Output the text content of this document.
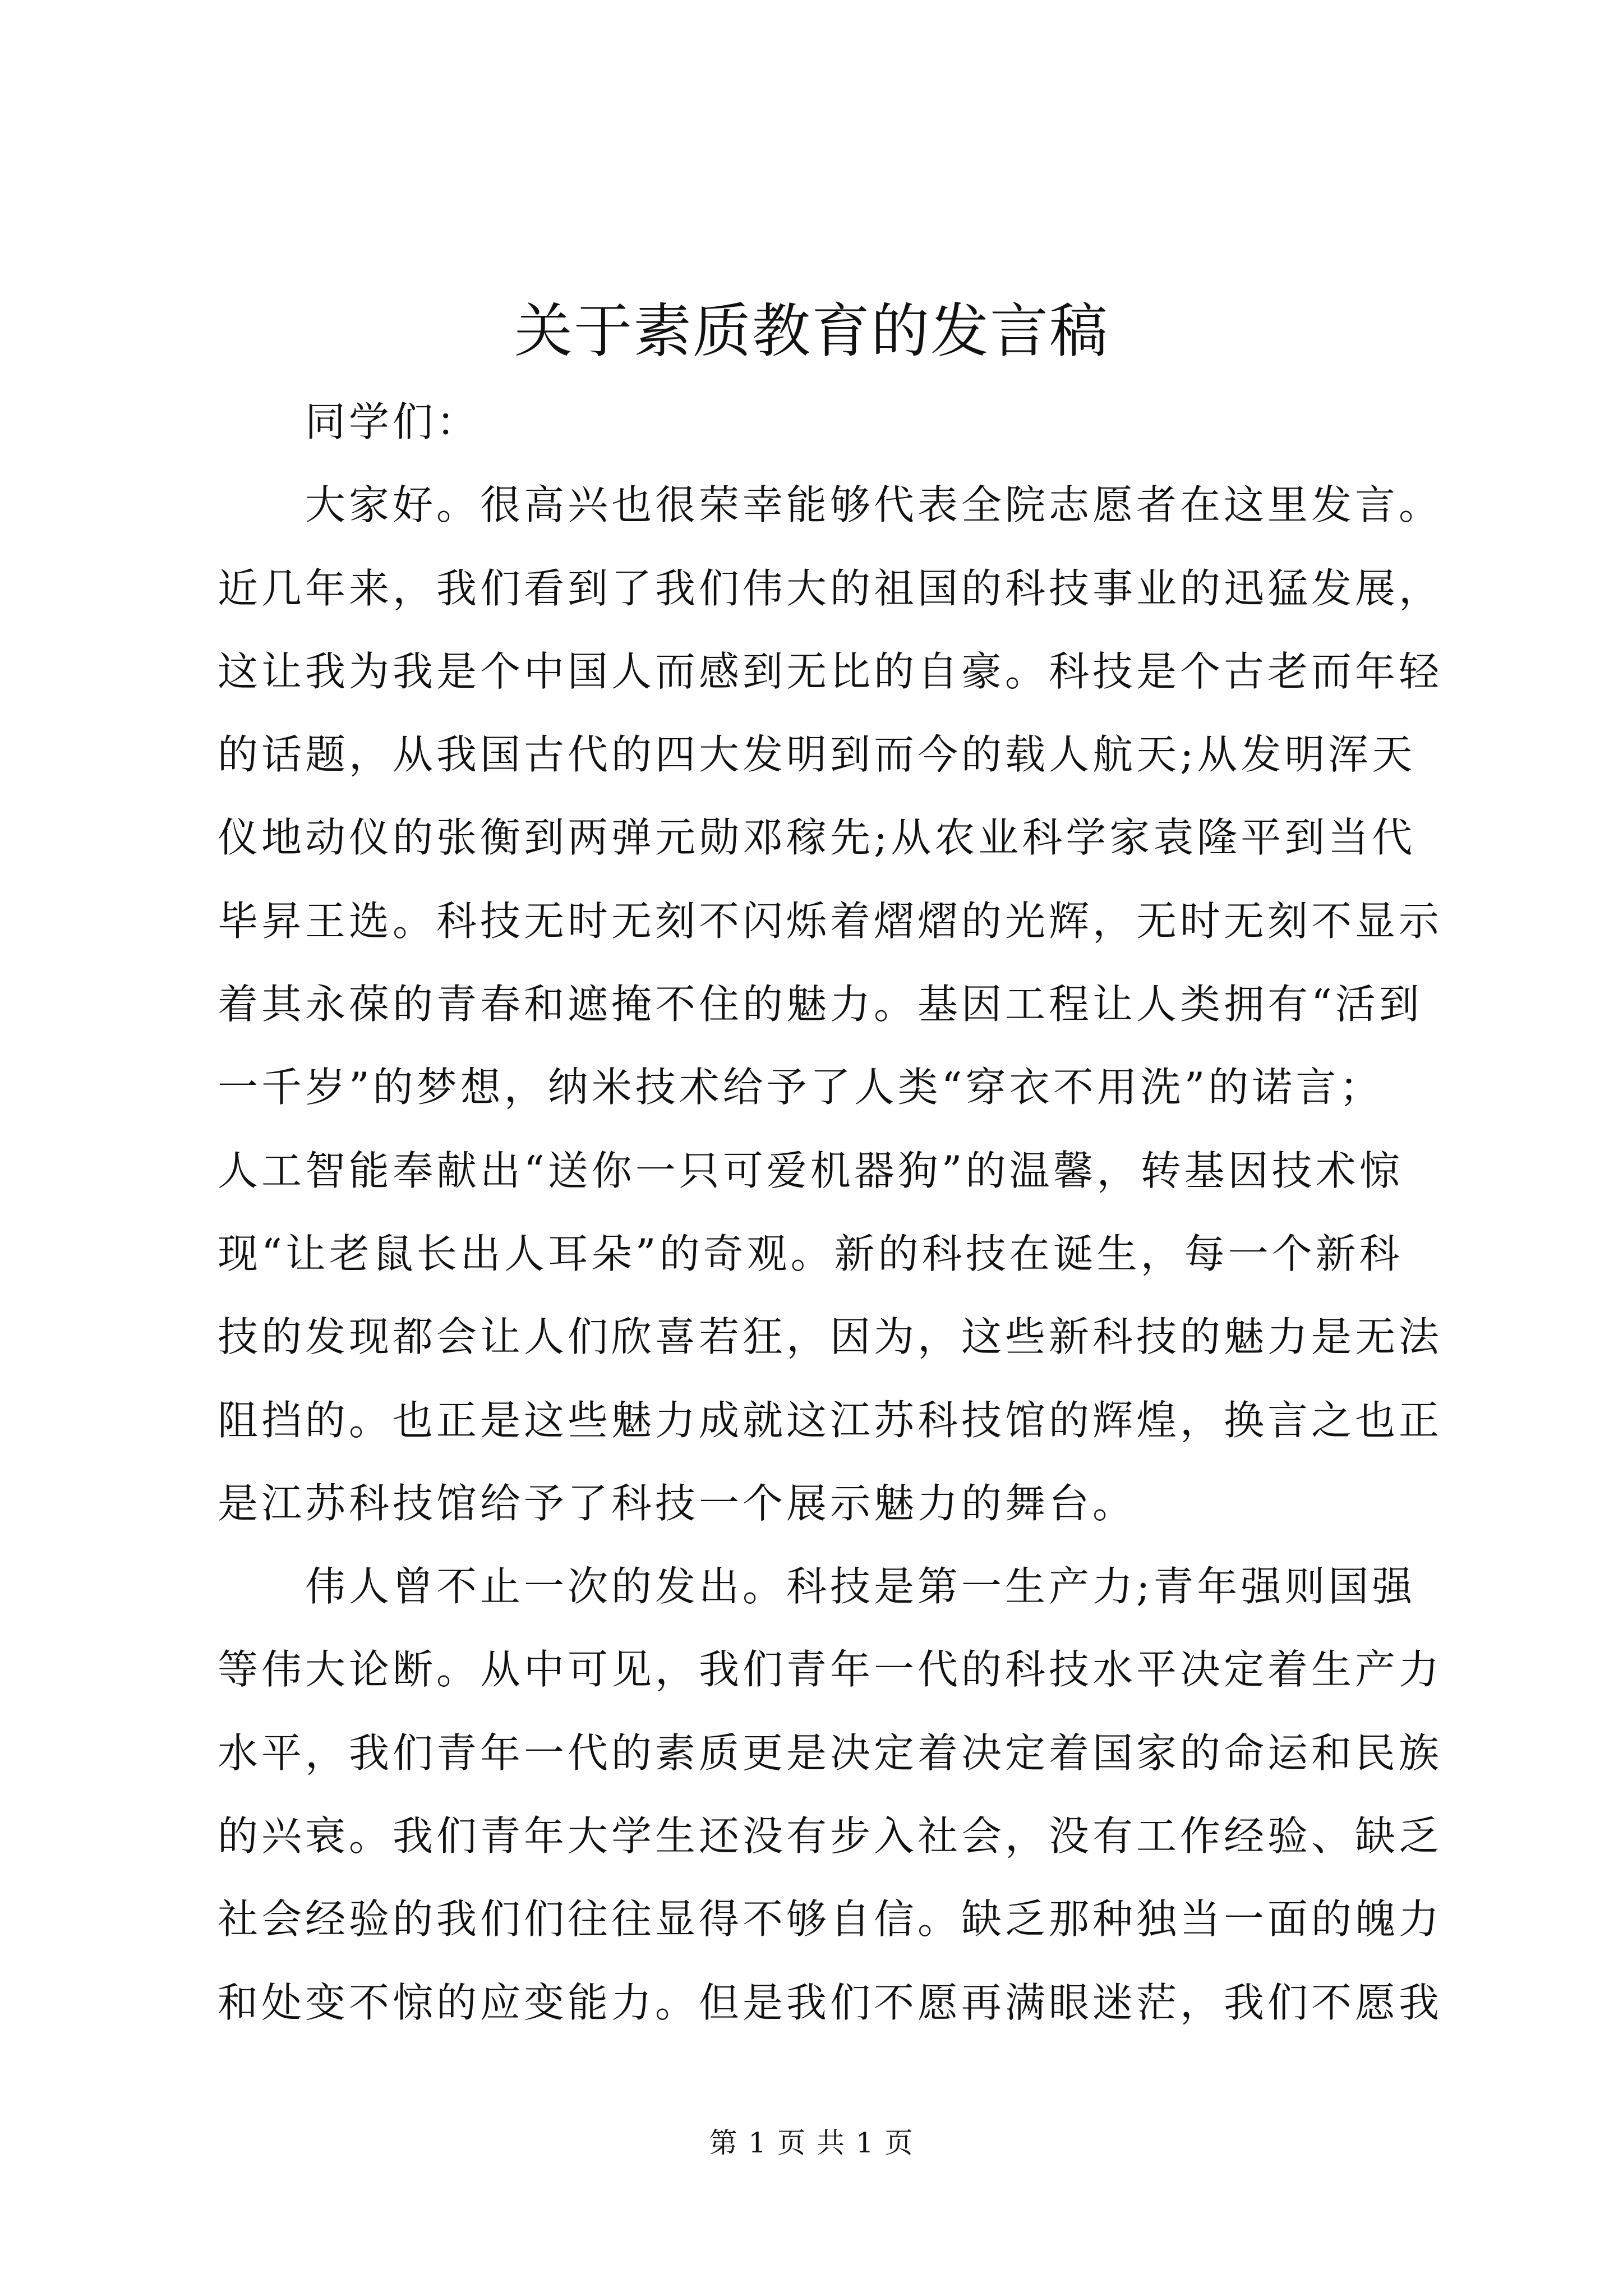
关于素质教育的发言稿
同学们：
大家好。很高兴也很荣幸能够代表全院志愿者在这里发言。
近几年来，我们看到了我们伟大的祖国的科技事业的迅猛发展，
这让我为我是个中国人而感到无比的自豪。科技是个古老而年轻
的话题，从我国古代的四大发明到而今的载人航天;从发明浑天
仪地动仪的张衡到两弹元勋邓稼先;从农业科学家袁隆平到当代
毕昇王选。科技无时无刻不闪烁着熠熠的光辉，无时无刻不显示
着其永葆的青春和遮掩不住的魅力。基因工程让人类拥有“活到
一千岁”的梦想，纳米技术给予了人类“穿衣不用洗”的诺言；
人工智能奉献出“送你一只可爱机器狗”的温馨，转基因技术惊
现“让老鼠长出人耳朵”的奇观。新的科技在诞生，每一个新科
技的发现都会让人们欣喜若狂，因为，这些新科技的魅力是无法
阻挡的。也正是这些魅力成就这江苏科技馆的辉煌，换言之也正
是江苏科技馆给予了科技一个展示魅力的舞台。
伟人曾不止一次的发出。科技是第一生产力;青年强则国强
等伟大论断。从中可见，我们青年一代的科技水平决定着生产力
水平，我们青年一代的素质更是决定着决定着国家的命运和民族
的兴衰。我们青年大学生还没有步入社会，没有工作经验、缺乏
社会经验的我们们往往显得不够自信。缺乏那种独当一面的魄力
和处变不惊的应变能力。但是我们不愿再满眼迷茫，我们不愿我
第 1 页 共 1 页
